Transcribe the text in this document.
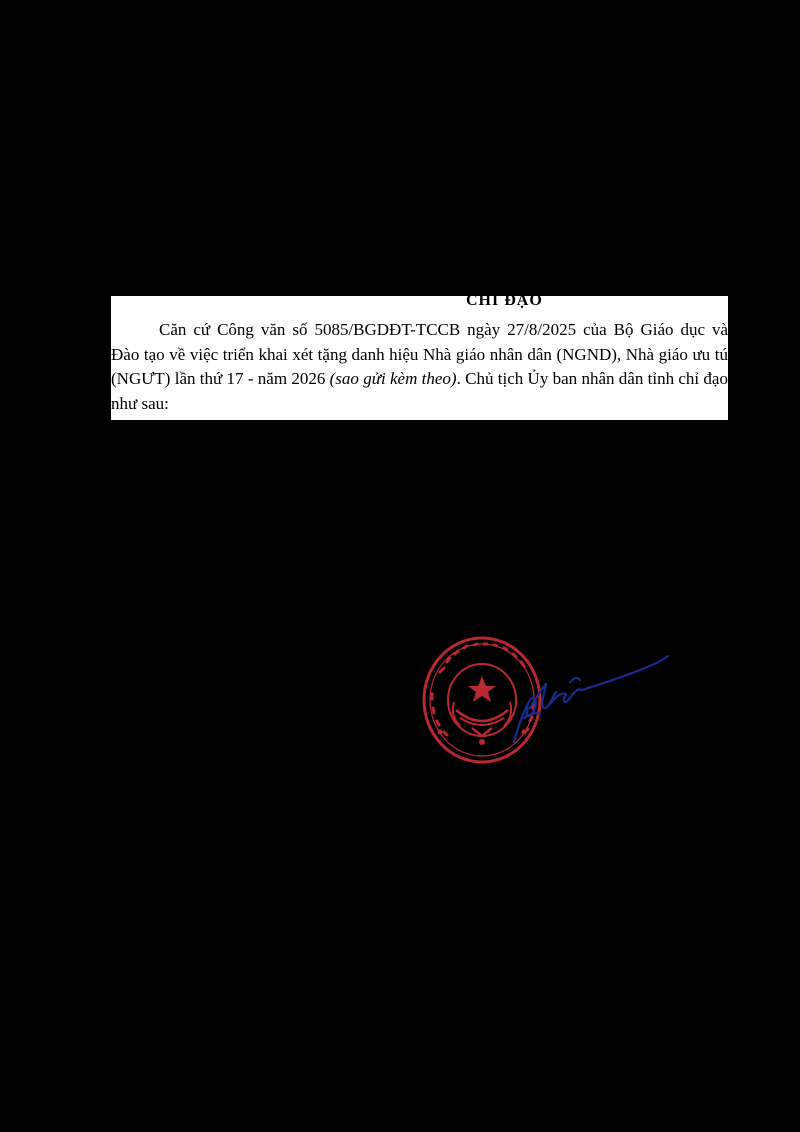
CHỈ ĐẠO

Căn cứ Công văn số 5085/BGDĐT-TCCB ngày 27/8/2025 của Bộ Giáo dục và Đào tạo về việc triển khai xét tặng danh hiệu Nhà giáo nhân dân (NGND), Nhà giáo ưu tú (NGƯT) lần thứ 17 - năm 2026 (sao gửi kèm theo). Chủ tịch Ủy ban nhân dân tỉnh chỉ đạo như sau:
